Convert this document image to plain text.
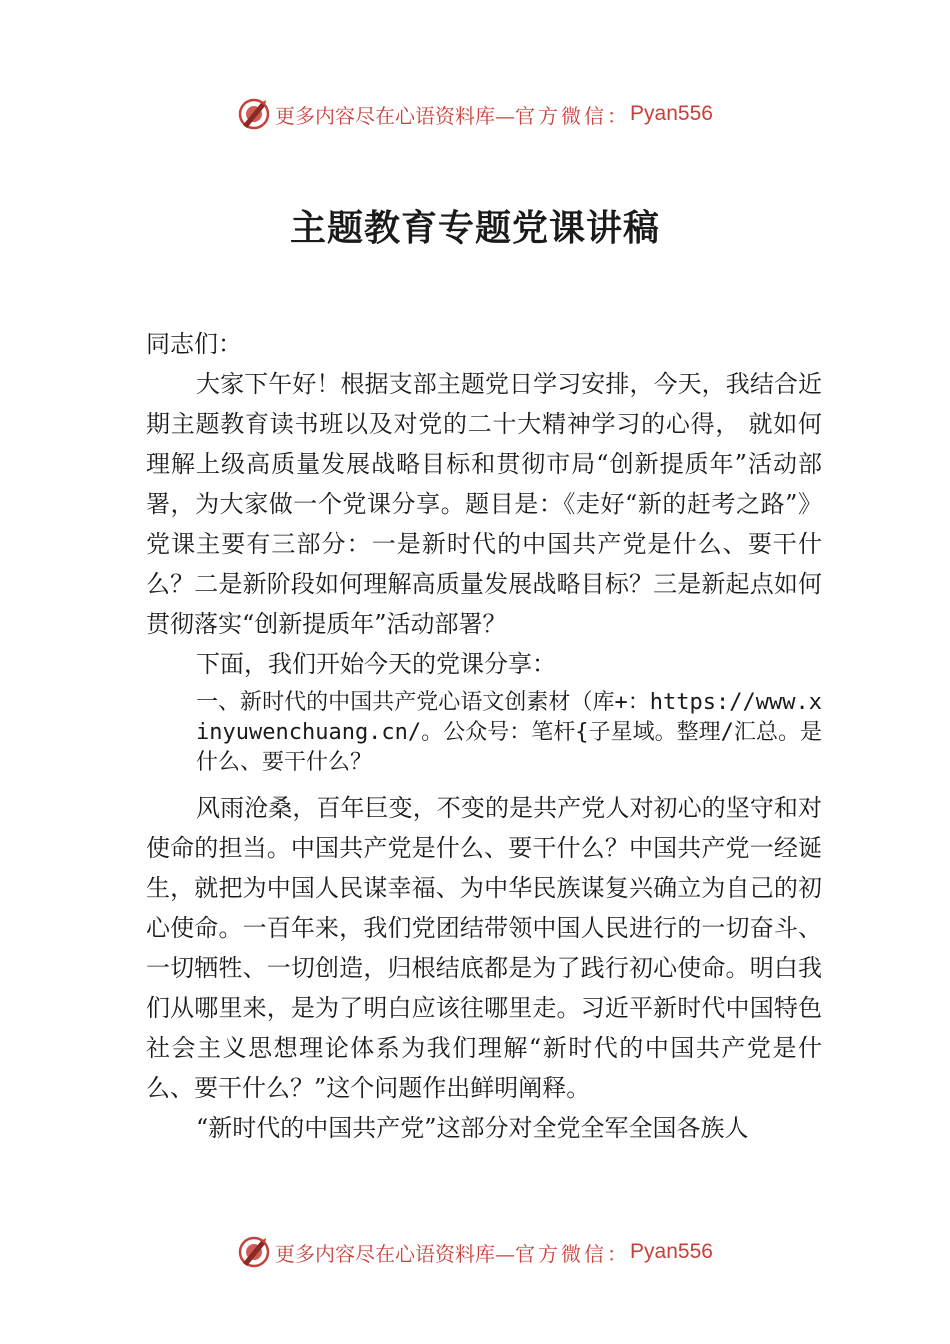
更多内容尽在心语资料库— 官方微信： Pyan556
主题教育专题党课讲稿

同志们：

大家下午好！根据支部主题党日学习安排，今天，我结合近期主题教育读书班以及对党的二十大精神学习的心得， 就如何理解上级高质量发展战略目标和贯彻市局“创新提质年”活动部署，为大家做一个党课分享。题目是：《走好“新的赶考之路”》党课主要有三部分：一是新时代的中国共产党是什么、要干什么？二是新阶段如何理解高质量发展战略目标？三是新起点如何贯彻落实“创新提质年”活动部署？

下面，我们开始今天的党课分享：

一、新时代的中国共产党心语文创素材（库+：https://www.xinyuwenchuang.cn/。公众号：笔杆{子星域。整理/汇总。是什么、要干什么？

风雨沧桑，百年巨变，不变的是共产党人对初心的坚守和对使命的担当。中国共产党是什么、要干什么？中国共产党一经诞生，就把为中国人民谋幸福、为中华民族谋复兴确立为自己的初心使命。一百年来，我们党团结带领中国人民进行的一切奋斗、一切牺牲、一切创造，归根结底都是为了践行初心使命。明白我们从哪里来，是为了明白应该往哪里走。习近平新时代中国特色社会主义思想理论体系为我们理解“新时代的中国共产党是什么、要干什么？”这个问题作出鲜明阐释。

“新时代的中国共产党”这部分对全党全军全国各族人

更多内容尽在心语资料库— 官方微信： Pyan556
